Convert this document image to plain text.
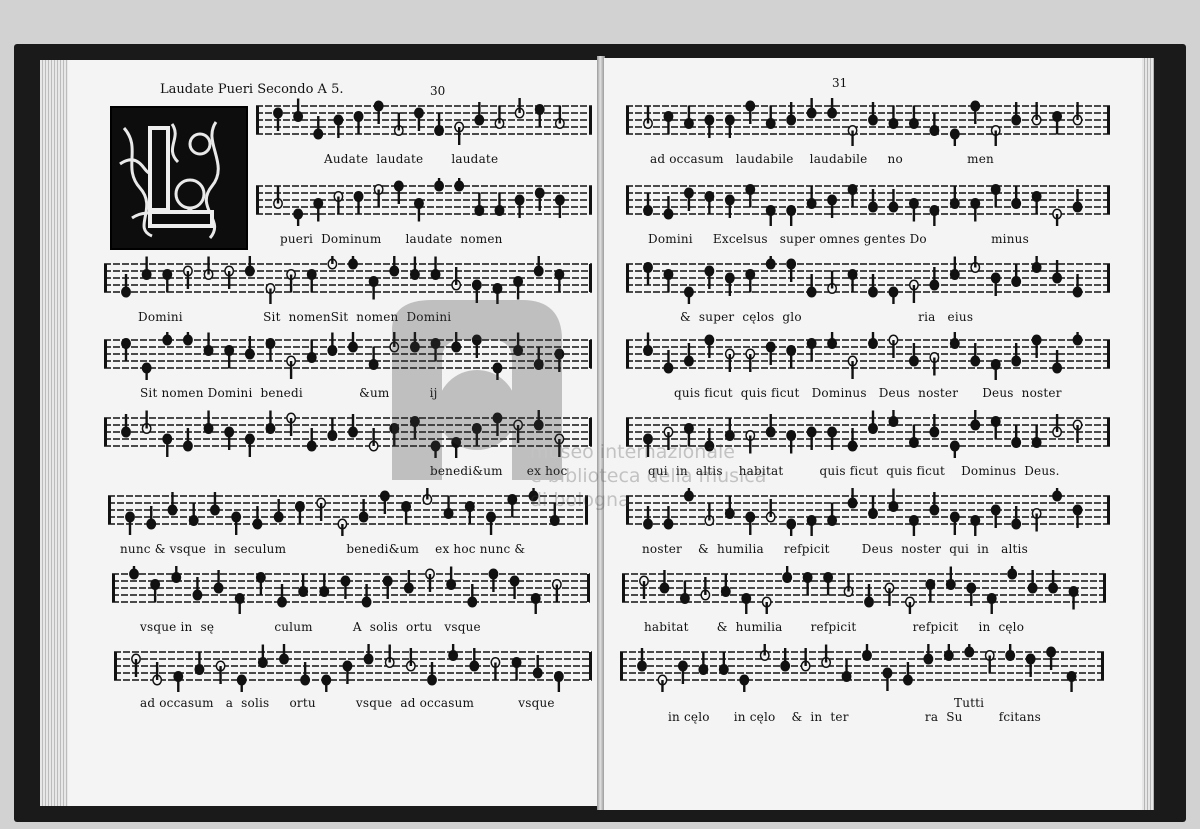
Laudate Pueri Secondo A 5.	30
Audate  laudate       laudate
pueri  Dominum      laudate  nomen
Domini                    Sit  nomenSit  nomen  Domini
Sit nomen Domini  benedi              &um          ij
benedi&um      ex hoc
nunc & vsque  in  seculum               benedi&um    ex hoc nunc &
vsque in  sę               culum          A  solis  ortu   vsque
ad occasum   a  solis     ortu          vsque  ad occasum           vsque
31
ad occasum   laudabile    laudabile     no                men
Domini     Excelsus   super omnes gentes Do                minus
&  super  cęlos  glo                             ria   eius
quis ficut  quis ficut   Dominus   Deus  noster      Deus  noster
qui  in  altis    habitat         quis ficut  quis ficut    Dominus  Deus.
noster    &  humilia     refpicit        Deus  noster  qui  in   altis
habitat       &  humilia       refpicit              refpicit     in  cęlo
Tutti
in cęlo      in cęlo    &  in  ter                   ra  Su         fcitans
museo internazionale
e biblioteca della musica
di bologna
